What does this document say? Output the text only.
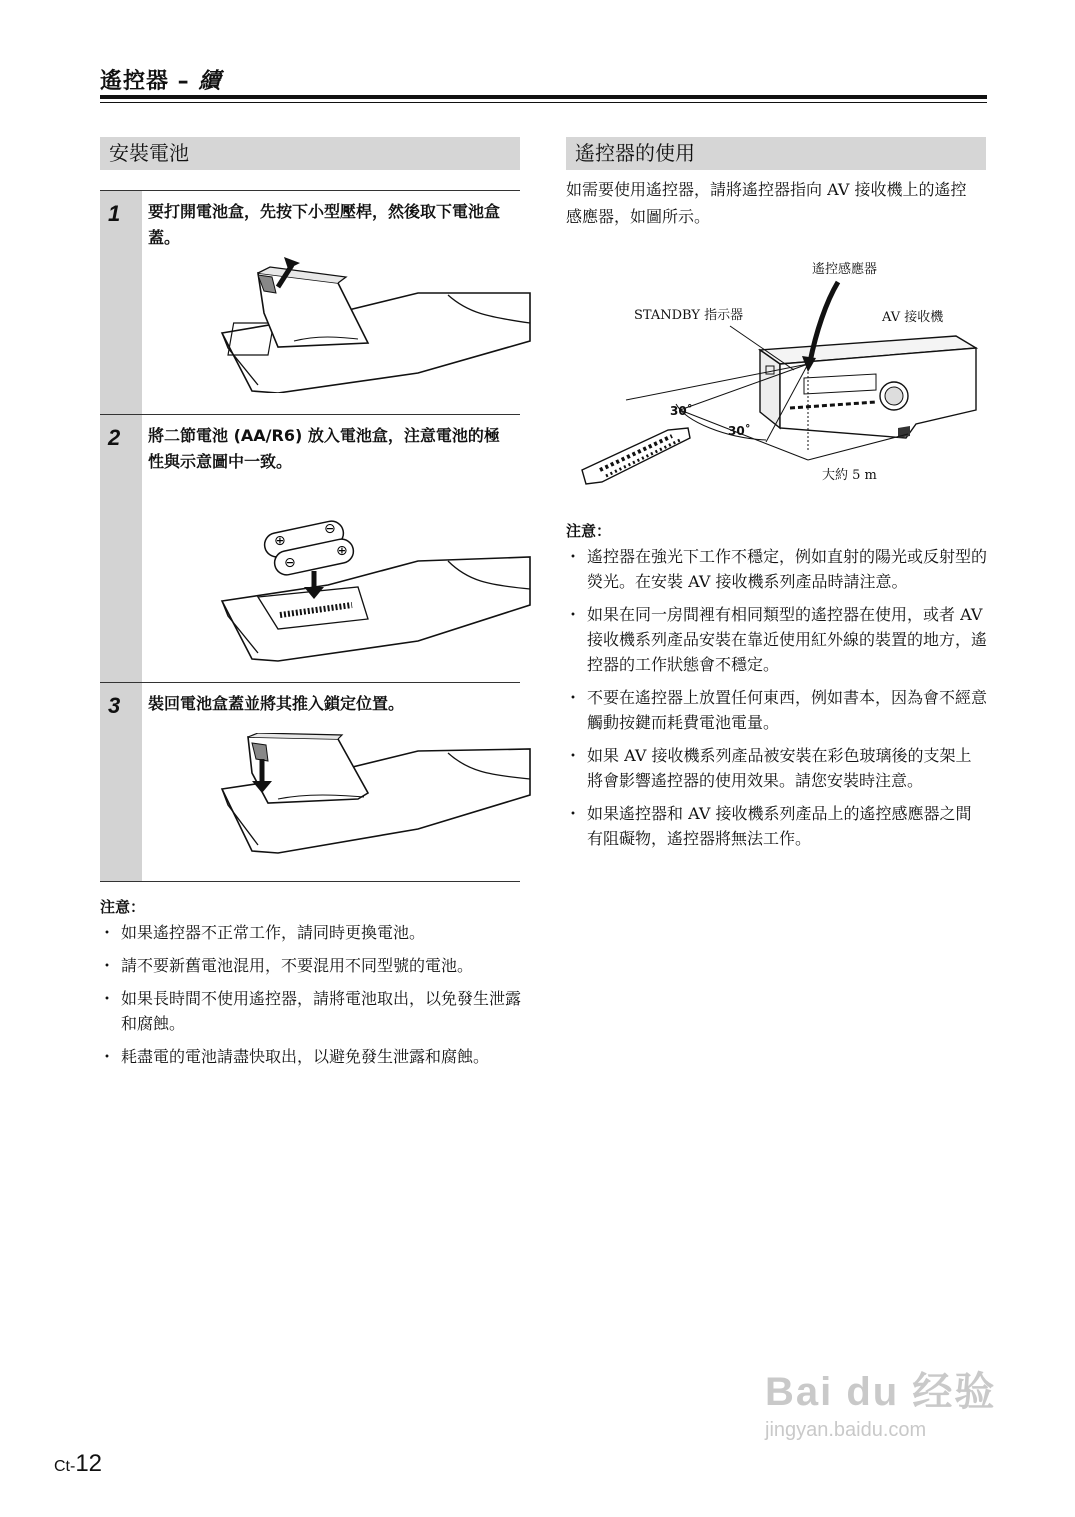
遙控器 – 續
安裝電池
1 要打開電池盒，先按下小型壓桿，然後取下電池盒蓋。
2 將二節電池 (AA/R6) 放入電池盒，注意電池的極性與示意圖中一致。
⊕
⊖
⊖
⊕
3 裝回電池盒蓋並將其推入鎖定位置。
注意：
・ 如果遙控器不正常工作，請同時更換電池。
・ 請不要新舊電池混用，不要混用不同型號的電池。
・ 如果長時間不使用遙控器，請將電池取出，以免發生泄露和腐蝕。
・ 耗盡電的電池請盡快取出，以避免發生泄露和腐蝕。
遙控器的使用
如需要使用遙控器，請將遙控器指向 AV 接收機上的遙控感應器，如圖所示。
遙控感應器
STANDBY 指示器	AV 接收機
30˚
30˚
大約 5 m
注意：
・ 遙控器在強光下工作不穩定，例如直射的陽光或反射型的熒光。在安裝 AV 接收機系列產品時請注意。
・ 如果在同一房間裡有相同類型的遙控器在使用，或者 AV 接收機系列產品安裝在靠近使用紅外線的裝置的地方，遙控器的工作狀態會不穩定。
・ 不要在遙控器上放置任何東西，例如書本，因為會不經意觸動按鍵而耗費電池電量。
・ 如果 AV 接收機系列產品被安裝在彩色玻璃後的支架上將會影響遙控器的使用效果。請您安裝時注意。
・ 如果遙控器和 AV 接收機系列產品上的遙控感應器之間有阻礙物，遙控器將無法工作。
Ct-12
Bai du 经验
jingyan.baidu.com
